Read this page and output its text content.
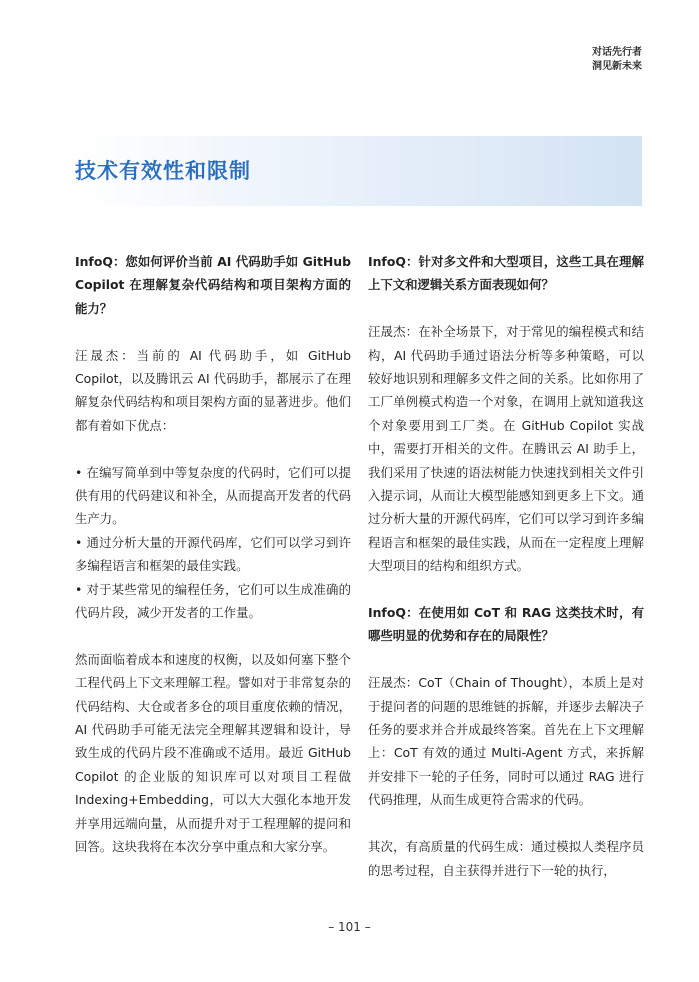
对话先行者
洞见新未来
技术有效性和限制

InfoQ：您如何评价当前 AI 代码助手如 GitHub Copilot 在理解复杂代码结构和项目架构方面的能力？

汪晟杰：当前的 AI 代码助手，如 GitHub Copilot，以及腾讯云 AI 代码助手，都展示了在理解复杂代码结构和项目架构方面的显著进步。他们都有着如下优点：

• 在编写简单到中等复杂度的代码时，它们可以提供有用的代码建议和补全，从而提高开发者的代码生产力。

• 通过分析大量的开源代码库，它们可以学习到许多编程语言和框架的最佳实践。

• 对于某些常见的编程任务，它们可以生成准确的代码片段，减少开发者的工作量。

然而面临着成本和速度的权衡，以及如何塞下整个工程代码上下文来理解工程。譬如对于非常复杂的代码结构、大仓或者多仓的项目重度依赖的情况，AI 代码助手可能无法完全理解其逻辑和设计，导致生成的代码片段不准确或不适用。最近 GitHub Copilot 的企业版的知识库可以对项目工程做 Indexing+Embedding，可以大大强化本地开发并享用远端向量，从而提升对于工程理解的提问和回答。这块我将在本次分享中重点和大家分享。

InfoQ：针对多文件和大型项目，这些工具在理解上下文和逻辑关系方面表现如何？

汪晟杰：在补全场景下，对于常见的编程模式和结构，AI 代码助手通过语法分析等多种策略，可以较好地识别和理解多文件之间的关系。比如你用了工厂单例模式构造一个对象，在调用上就知道我这个对象要用到工厂类。在 GitHub Copilot 实战中，需要打开相关的文件。在腾讯云 AI 助手上，我们采用了快速的语法树能力快速找到相关文件引入提示词，从而让大模型能感知到更多上下文。通过分析大量的开源代码库，它们可以学习到许多编程语言和框架的最佳实践，从而在一定程度上理解大型项目的结构和组织方式。

InfoQ：在使用如 CoT 和 RAG 这类技术时，有哪些明显的优势和存在的局限性？

汪晟杰：CoT（Chain of Thought），本质上是对于提问者的问题的思维链的拆解，并逐步去解决子任务的要求并合并成最终答案。首先在上下文理解上：CoT 有效的通过 Multi-Agent 方式，来拆解并安排下一轮的子任务，同时可以通过 RAG 进行代码推理，从而生成更符合需求的代码。

其次，有高质量的代码生成：通过模拟人类程序员的思考过程，自主获得并进行下一轮的执行，

– 101 –
